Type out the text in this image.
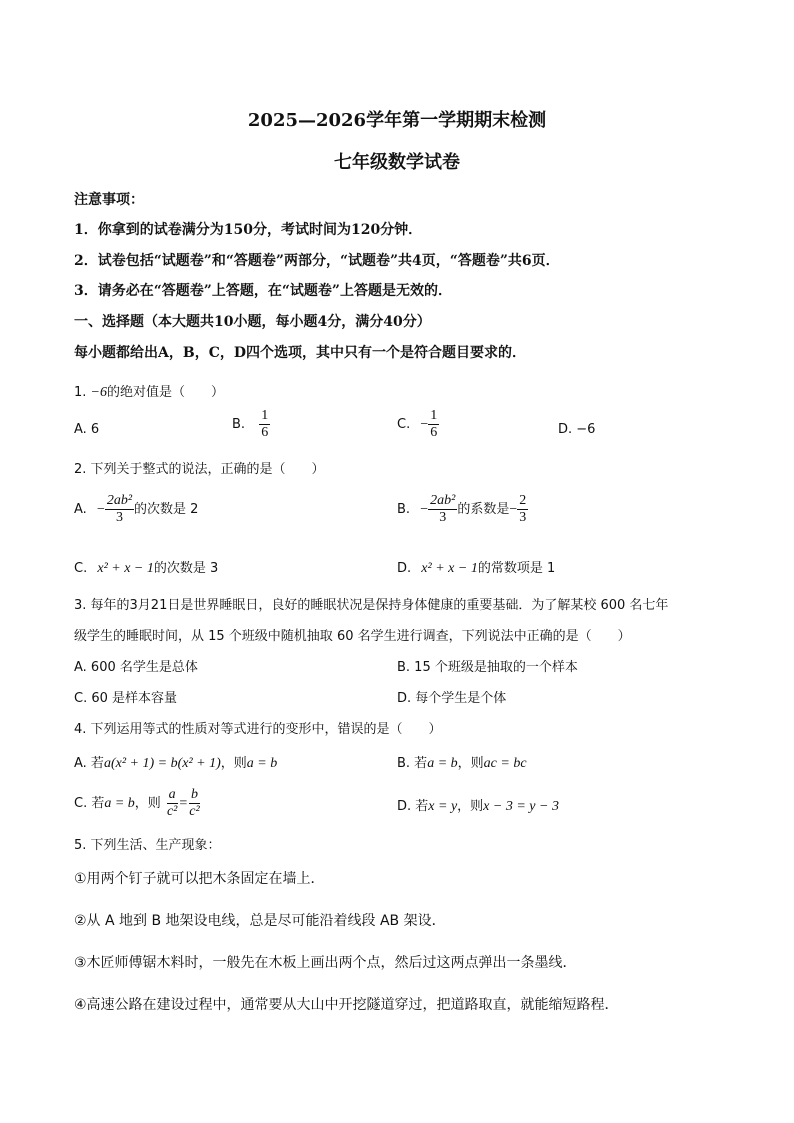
2025—2026学年第一学期期末检测
七年级数学试卷
注意事项：
1．你拿到的试卷满分为150分，考试时间为120分钟．
2．试卷包括“试题卷”和“答题卷”两部分，“试题卷”共4页，“答题卷”共6页．
3．请务必在“答题卷”上答题，在“试题卷”上答题是无效的．
一、选择题（本大题共10小题，每小题4分，满分40分）
每小题都给出A，B，C，D四个选项，其中只有一个是符合题目要求的．
1. −6的绝对值是（　　）
A. 6	B. $\frac{1}{6}$	C. − $\frac{1}{6}$	D. −6
2. 下列关于整式的说法，正确的是（　　）
A. − $\frac{\text{2ab²}}{3}$ 的次数是 2	B. − $\frac{\text{2ab²}}{3}$ 的系数是− $\frac{2}{3}$
C. x² + x − 1的次数是 3	D. x² + x − 1的常数项是 1
3. 每年的3月21日是世界睡眠日，良好的睡眠状况是保持身体健康的重要基础．为了解某校 600 名七年
级学生的睡眠时间，从 15 个班级中随机抽取 60 名学生进行调查，下列说法中正确的是（　　）
A. 600 名学生是总体	B. 15 个班级是抽取的一个样本
C. 60 是样本容量	D. 每个学生是个体
4. 下列运用等式的性质对等式进行的变形中，错误的是（　　）
A. 若a(x² + 1) = b(x² + 1)，则a = b	B. 若a = b，则ac = bc
C. 若a = b，则 $\frac{a}{\text{c²}} = \frac{b}{\text{c²}}$	D. 若x = y，则x − 3 = y − 3
5. 下列生活、生产现象：
①用两个钉子就可以把木条固定在墙上．
②从 A 地到 B 地架设电线，总是尽可能沿着线段 AB 架设．
③木匠师傅锯木料时，一般先在木板上画出两个点，然后过这两点弹出一条墨线．
④高速公路在建设过程中，通常要从大山中开挖隧道穿过，把道路取直，就能缩短路程．
